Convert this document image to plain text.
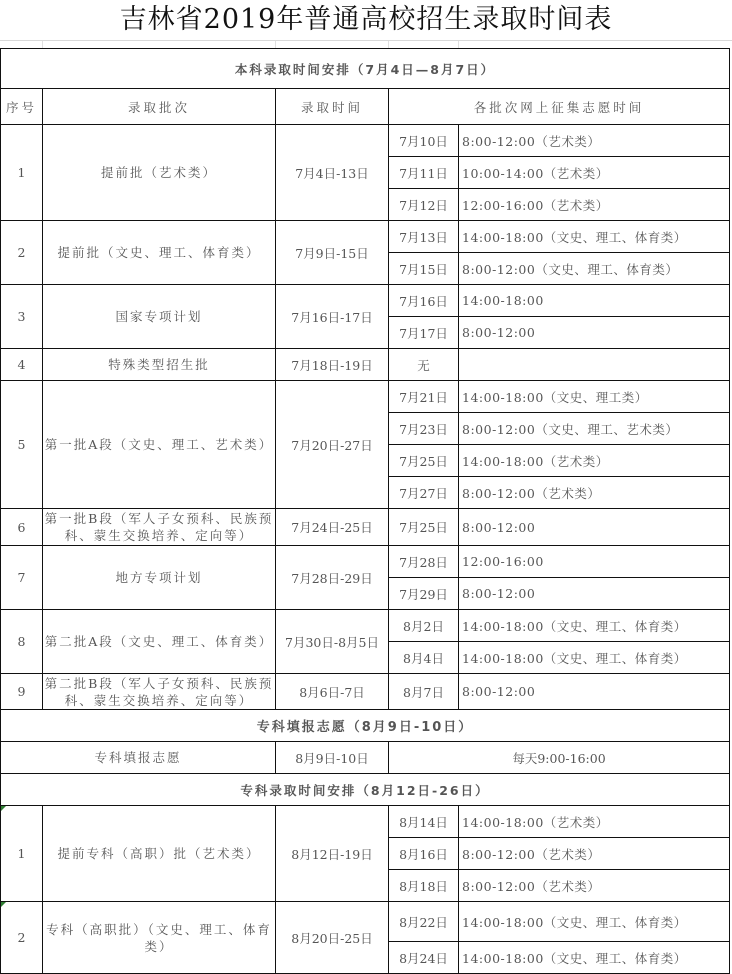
吉林省2019年普通高校招生录取时间表
本科录取时间安排（7月4日—8月7日）				
序号	录取批次	录取时间	各批次网上征集志愿时间	
1	提前批（艺术类）	7月4日-13日	7月10日	8:00-12:00（艺术类）
			7月11日	10:00-14:00（艺术类）
			7月12日	12:00-16:00（艺术类）
2	提前批（文史、理工、体育类）	7月9日-15日	7月13日	14:00-18:00（文史、理工、体育类）
			7月15日	8:00-12:00（文史、理工、体育类）
3	国家专项计划	7月16日-17日	7月16日	14:00-18:00
			7月17日	8:00-12:00
4	特殊类型招生批	7月18日-19日	无	
5	第一批A段（文史、理工、艺术类）	7月20日-27日	7月21日	14:00-18:00（文史、理工类）
			7月23日	8:00-12:00（文史、理工、艺术类）
			7月25日	14:00-18:00（艺术类）
			7月27日	8:00-12:00（艺术类）
6	第一批B段（军人子女预科、民族预科、蒙生交换培养、定向等）	7月24日-25日	7月25日	8:00-12:00
7	地方专项计划	7月28日-29日	7月28日	12:00-16:00
			7月29日	8:00-12:00
8	第二批A段（文史、理工、体育类）	7月30日-8月5日	8月2日	14:00-18:00（文史、理工、体育类）
			8月4日	14:00-18:00（文史、理工、体育类）
9	第二批B段（军人子女预科、民族预科、蒙生交换培养、定向等）	8月6日-7日	8月7日	8:00-12:00
专科填报志愿（8月9日-10日）				
专科填报志愿		8月9日-10日	每天9:00-16:00	
专科录取时间安排（8月12日-26日）				
1	提前专科（高职）批（艺术类）	8月12日-19日	8月14日	14:00-18:00（艺术类）
			8月16日	8:00-12:00（艺术类）
			8月18日	8:00-12:00（艺术类）
2	专科（高职批）（文史、理工、体育类）	8月20日-25日	8月22日	14:00-18:00（文史、理工、体育类）
			8月24日	14:00-18:00（文史、理工、体育类）
